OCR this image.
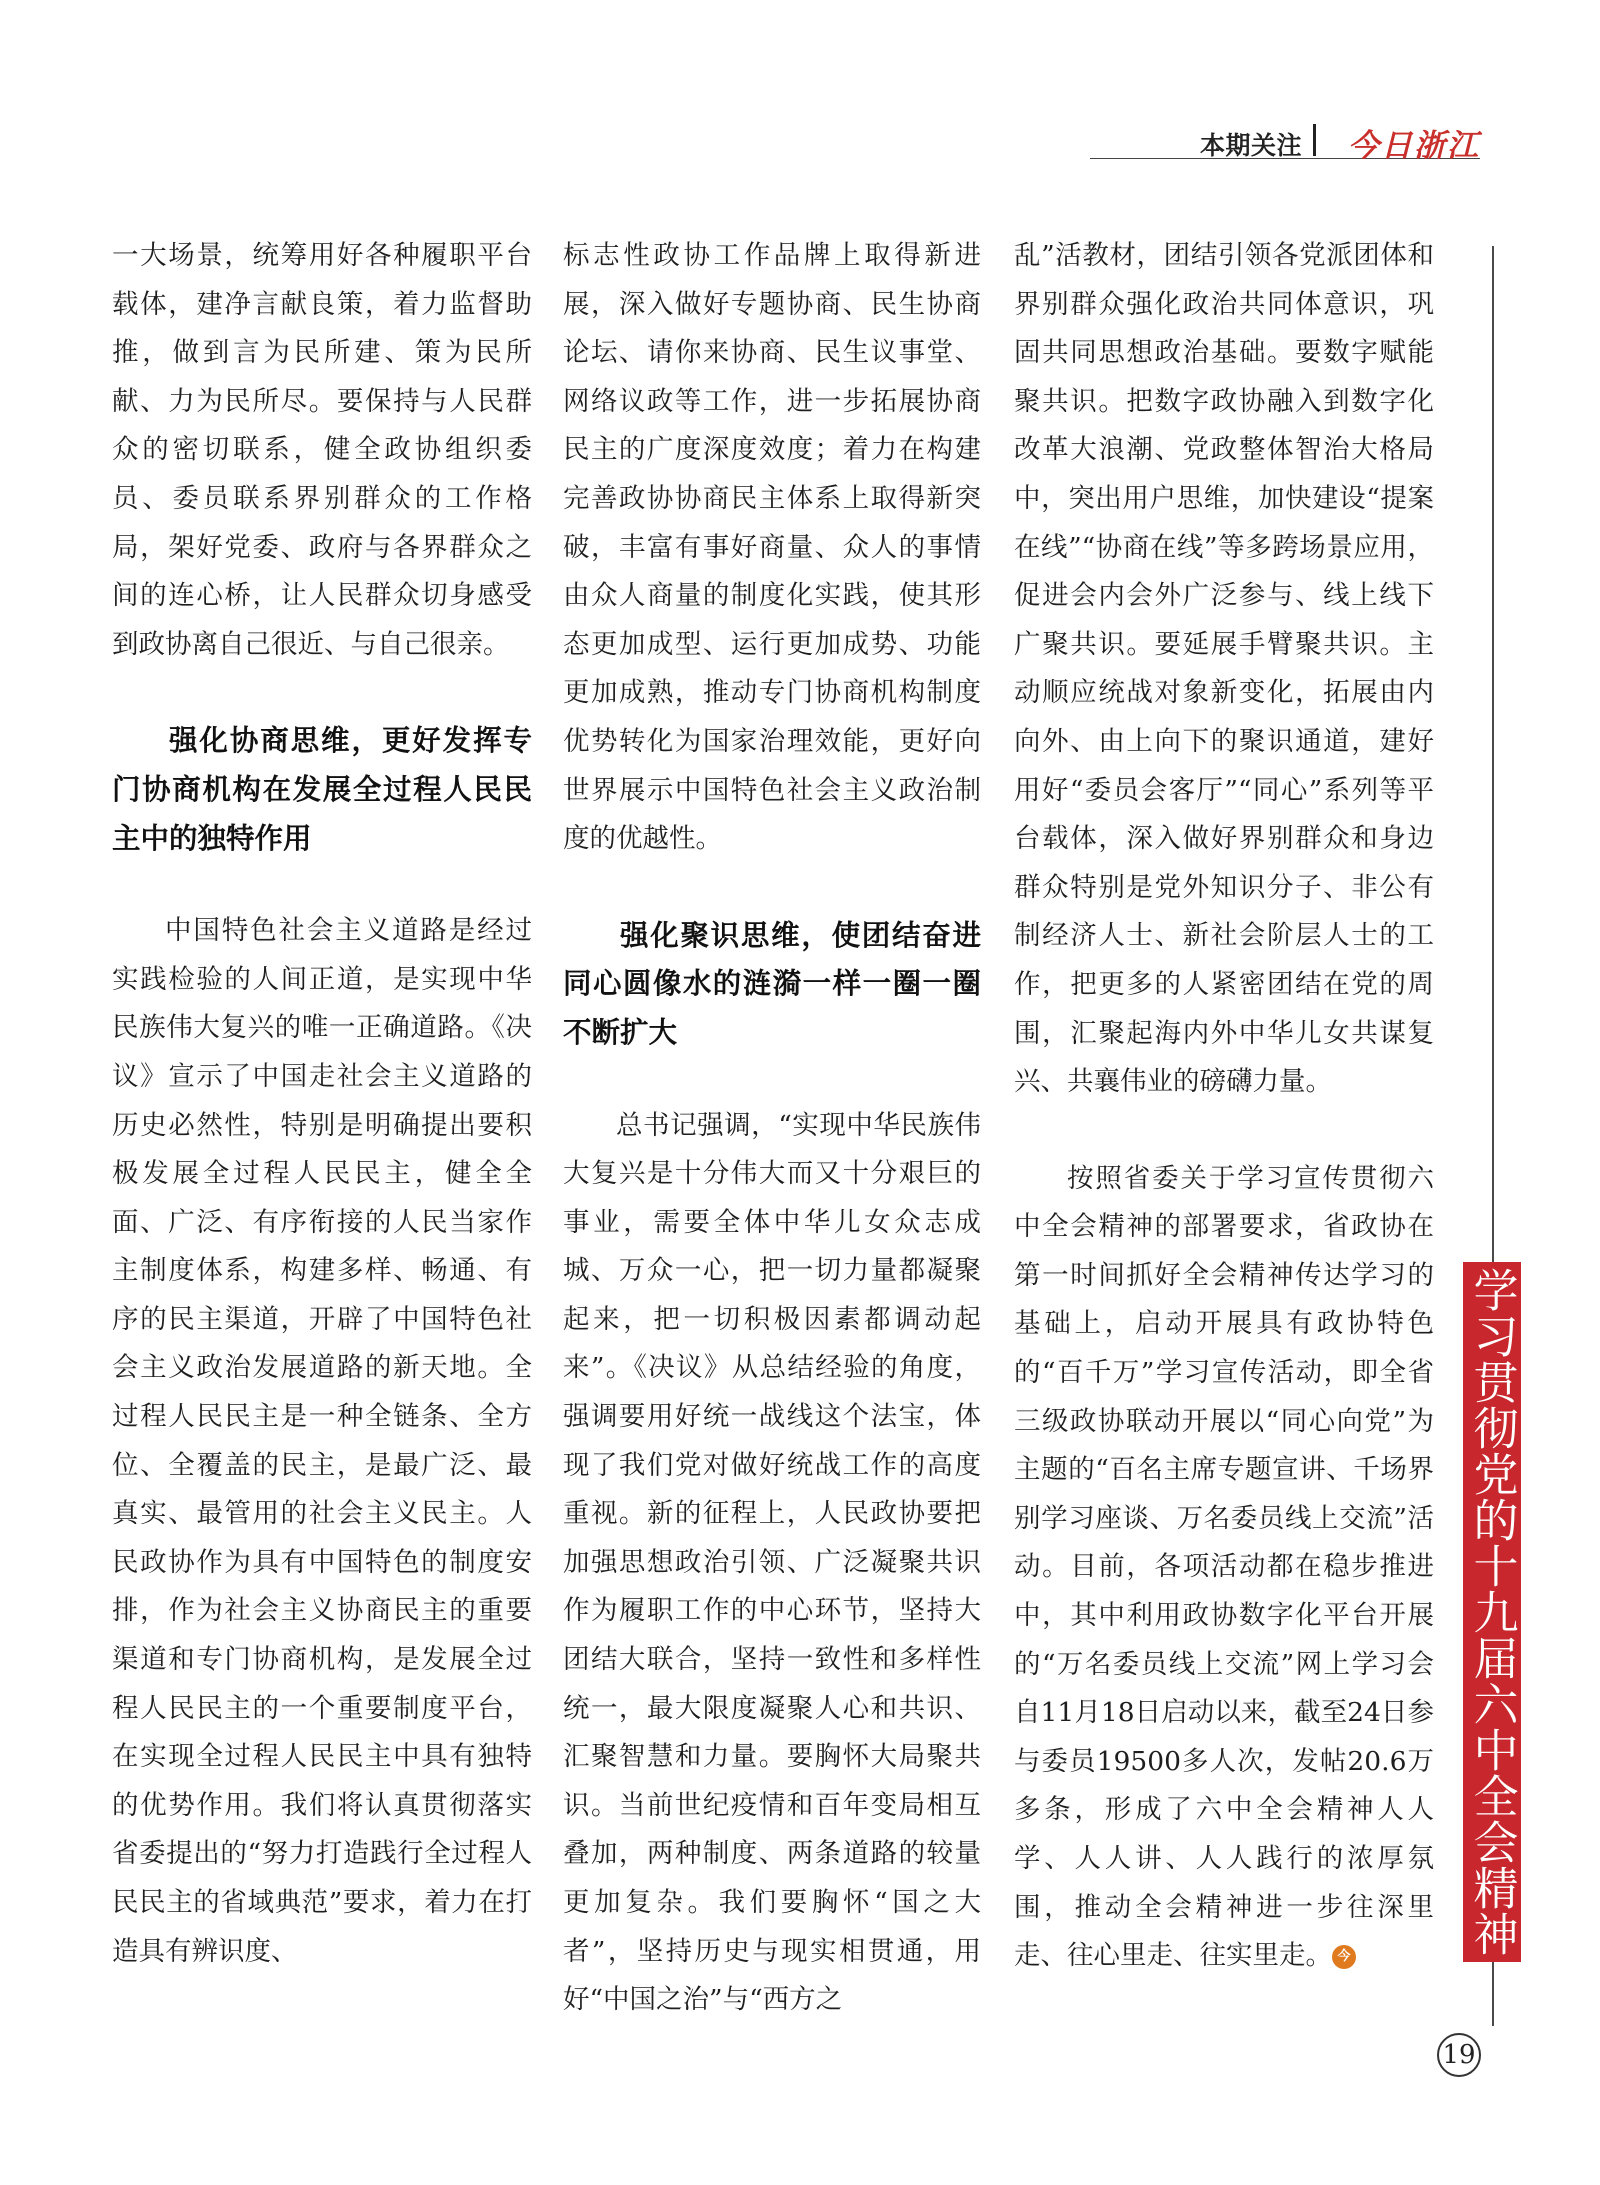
本期关注 今日浙江

一大场景，统筹用好各种履职平台载体，建净言献良策，着力监督助推，做到言为民所建、策为民所献、力为民所尽。要保持与人民群众的密切联系，健全政协组织委员、委员联系界别群众的工作格局，架好党委、政府与各界群众之间的连心桥，让人民群众切身感受到政协离自己很近、与自己很亲。

强化协商思维，更好发挥专门协商机构在发展全过程人民民主中的独特作用

中国特色社会主义道路是经过实践检验的人间正道，是实现中华民族伟大复兴的唯一正确道路。《决议》宣示了中国走社会主义道路的历史必然性，特别是明确提出要积极发展全过程人民民主，健全全面、广泛、有序衔接的人民当家作主制度体系，构建多样、畅通、有序的民主渠道，开辟了中国特色社会主义政治发展道路的新天地。全过程人民民主是一种全链条、全方位、全覆盖的民主，是最广泛、最真实、最管用的社会主义民主。人民政协作为具有中国特色的制度安排，作为社会主义协商民主的重要渠道和专门协商机构，是发展全过程人民民主的一个重要制度平台，在实现全过程人民民主中具有独特的优势作用。我们将认真贯彻落实省委提出的“努力打造践行全过程人民民主的省域典范”要求，着力在打造具有辨识度、

标志性政协工作品牌上取得新进展，深入做好专题协商、民生协商论坛、请你来协商、民生议事堂、网络议政等工作，进一步拓展协商民主的广度深度效度；着力在构建完善政协协商民主体系上取得新突破，丰富有事好商量、众人的事情由众人商量的制度化实践，使其形态更加成型、运行更加成势、功能更加成熟，推动专门协商机构制度优势转化为国家治理效能，更好向世界展示中国特色社会主义政治制度的优越性。

强化聚识思维，使团结奋进同心圆像水的涟漪一样一圈一圈不断扩大

总书记强调，“实现中华民族伟大复兴是十分伟大而又十分艰巨的事业，需要全体中华儿女众志成城、万众一心，把一切力量都凝聚起来，把一切积极因素都调动起来”。《决议》从总结经验的角度，强调要用好统一战线这个法宝，体现了我们党对做好统战工作的高度重视。新的征程上，人民政协要把加强思想政治引领、广泛凝聚共识作为履职工作的中心环节，坚持大团结大联合，坚持一致性和多样性统一，最大限度凝聚人心和共识、汇聚智慧和力量。要胸怀大局聚共识。当前世纪疫情和百年变局相互叠加，两种制度、两条道路的较量更加复杂。我们要胸怀“国之大者”，坚持历史与现实相贯通，用好“中国之治”与“西方之

乱”活教材，团结引领各党派团体和界别群众强化政治共同体意识，巩固共同思想政治基础。要数字赋能聚共识。把数字政协融入到数字化改革大浪潮、党政整体智治大格局中，突出用户思维，加快建设“提案在线”“协商在线”等多跨场景应用，促进会内会外广泛参与、线上线下广聚共识。要延展手臂聚共识。主动顺应统战对象新变化，拓展由内向外、由上向下的聚识通道，建好用好“委员会客厅”“同心”系列等平台载体，深入做好界别群众和身边群众特别是党外知识分子、非公有制经济人士、新社会阶层人士的工作，把更多的人紧密团结在党的周围，汇聚起海内外中华儿女共谋复兴、共襄伟业的磅礴力量。

按照省委关于学习宣传贯彻六中全会精神的部署要求，省政协在第一时间抓好全会精神传达学习的基础上，启动开展具有政协特色的“百千万”学习宣传活动，即全省三级政协联动开展以“同心向党”为主题的“百名主席专题宣讲、千场界别学习座谈、万名委员线上交流”活动。目前，各项活动都在稳步推进中，其中利用政协数字化平台开展的“万名委员线上交流”网上学习会自11月18日启动以来，截至24日参与委员19500多人次，发帖20.6万多条，形成了六中全会精神人人学、人人讲、人人践行的浓厚氛围，推动全会精神进一步往深里走、往心里走、往实里走。 今	学习贯彻党的十九届六中全会精神
19
